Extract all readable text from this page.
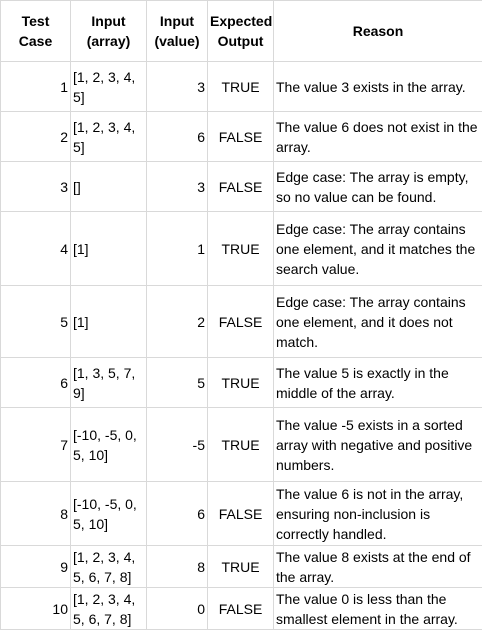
Test Case	Input (array)	Input (value)	Expected Output	Reason
1	[1, 2, 3, 4, 5]	3	TRUE	The value 3 exists in the array.
2	[1, 2, 3, 4, 5]	6	FALSE	The value 6 does not exist in the array.
3	[]	3	FALSE	Edge case: The array is empty, so no value can be found.
4	[1]	1	TRUE	Edge case: The array contains one element, and it matches the search value.
5	[1]	2	FALSE	Edge case: The array contains one element, and it does not match.
6	[1, 3, 5, 7, 9]	5	TRUE	The value 5 is exactly in the middle of the array.
7	[-10, -5, 0, 5, 10]	-5	TRUE	The value -5 exists in a sorted array with negative and positive numbers.
8	[-10, -5, 0, 5, 10]	6	FALSE	The value 6 is not in the array, ensuring non-inclusion is correctly handled.
9	[1, 2, 3, 4, 5, 6, 7, 8]	8	TRUE	The value 8 exists at the end of the array.
10	[1, 2, 3, 4, 5, 6, 7, 8]	0	FALSE	The value 0 is less than the smallest element in the array.
